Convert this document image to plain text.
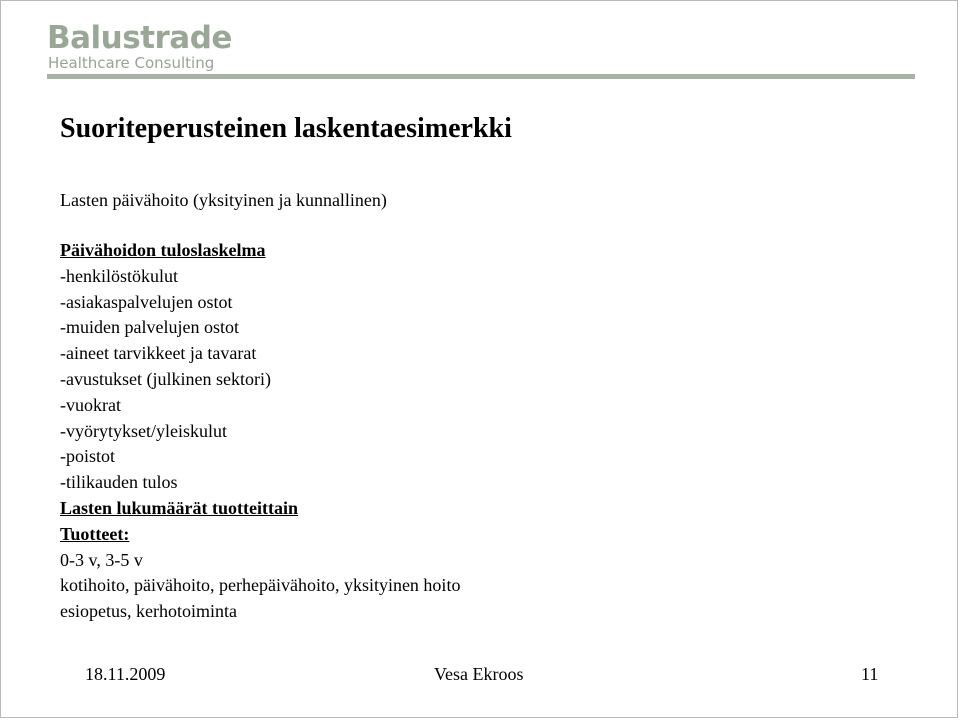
Balustrade

Healthcare Consulting

Suoriteperusteinen laskentaesimerkki

Lasten päivähoito (yksityinen ja kunnallinen)

Päivähoidon tuloslaskelma
-henkilöstökulut
-asiakaspalvelujen ostot
-muiden palvelujen ostot
-aineet tarvikkeet ja tavarat
-avustukset (julkinen sektori)
-vuokrat
-vyörytykset/yleiskulut
-poistot
-tilikauden tulos
Lasten lukumäärät tuotteittain
Tuotteet:
0-3 v, 3-5 v
kotihoito, päivähoito, perhepäivähoito, yksityinen hoito
esiopetus, kerhotoiminta

18.11.2009	Vesa Ekroos	11
